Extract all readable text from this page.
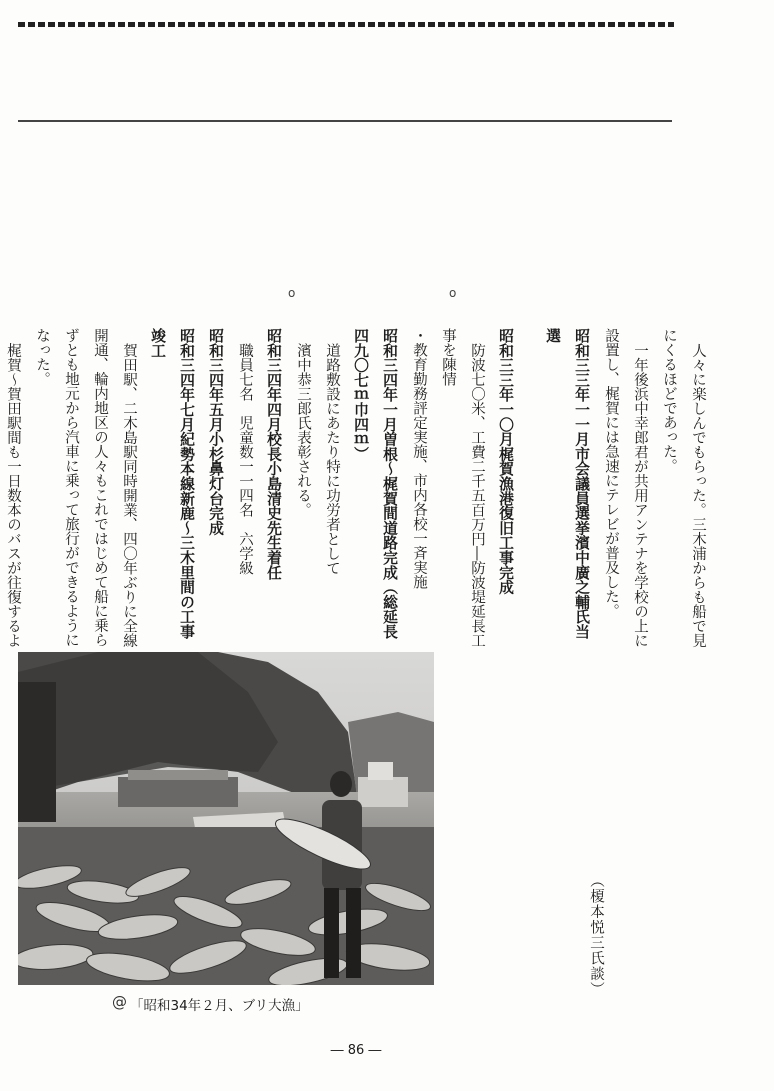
人々に楽しんでもらった。三木浦からも船で見にくるほどであった。

一年後浜中幸郎君が共用アンテナを学校の上に設置し、梶賀には急速にテレビが普及した。

昭和三三年一一月市会議員選挙濱中廣之輔氏当選

昭和三三年一〇月梶賀漁港復旧工事完成

防波七〇米、工費二千五百万円―防波堤延長工事を陳情

・教育勤務評定実施、市内各校一斉実施

昭和三四年一月曽根～梶賀間道路完成（総延長四九〇七ｍ巾四ｍ）

道路敷設にあたり特に功労者として

濱中恭三郎氏表彰される。

昭和三四年四月校長小島清史先生着任

職員七名　児童数一一四名　六学級

昭和三四年五月小杉鼻灯台完成

昭和三四年七月紀勢本線新鹿～三木里間の工事竣工

賀田駅、二木島駅同時開業、四〇年ぶりに全線開通、輪内地区の人々もこれではじめて船に乗らずとも地元から汽車に乗って旅行ができるようになった。

梶賀～賀田駅間も一日数本のバスが往復するよ

o
o
（榎本悦三氏談）
@ 「昭和34年２月、ブリ大漁」
― 86 ―
